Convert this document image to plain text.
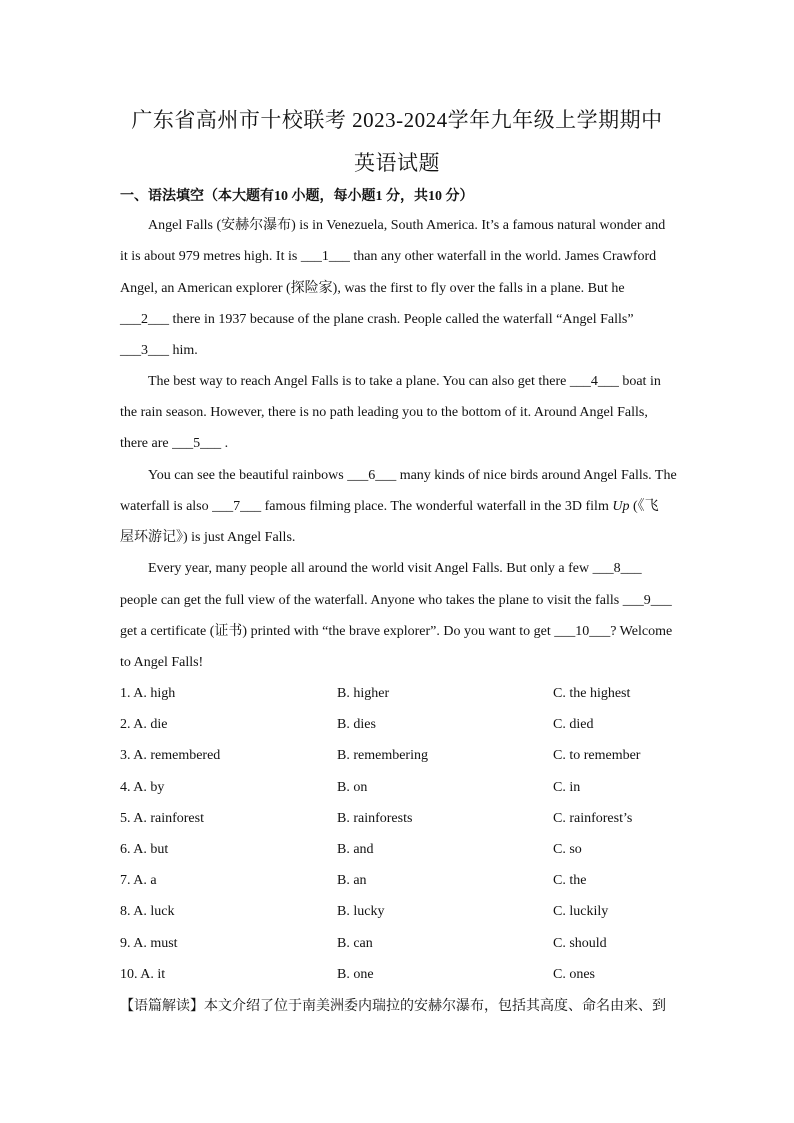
广东省高州市十校联考 2023-2024学年九年级上学期期中
英语试题
一、语法填空（本大题有10 小题，每小题1 分，共10 分）
Angel Falls (安赫尔瀑布) is in Venezuela, South America. It’s a famous natural wonder and
it is about 979 metres high. It is ___1___ than any other waterfall in the world. James Crawford
Angel, an American explorer (探险家), was the first to fly over the falls in a plane. But he
___2___ there in 1937 because of the plane crash. People called the waterfall “Angel Falls”
___3___ him.
The best way to reach Angel Falls is to take a plane. You can also get there ___4___ boat in
the rain season. However, there is no path leading you to the bottom of it. Around Angel Falls,
there are ___5___ .
You can see the beautiful rainbows ___6___ many kinds of nice birds around Angel Falls. The
waterfall is also ___7___ famous filming place. The wonderful waterfall in the 3D film Up (《飞
屋环游记》) is just Angel Falls.
Every year, many people all around the world visit Angel Falls. But only a few ___8___
people can get the full view of the waterfall. Anyone who takes the plane to visit the falls ___9___
get a certificate (证书) printed with “the brave explorer”. Do you want to get ___10___? Welcome
to Angel Falls!
1. A. high	B. higher	C. the highest
2. A. die	B. dies	C. died
3. A. remembered	B. remembering	C. to remember
4. A. by	B. on	C. in
5. A. rainforest	B. rainforests	C. rainforest’s
6. A. but	B. and	C. so
7. A. a	B. an	C. the
8. A. luck	B. lucky	C. luckily
9. A. must	B. can	C. should
10. A. it	B. one	C. ones
【语篇解读】本文介绍了位于南美洲委内瑞拉的安赫尔瀑布，包括其高度、命名由来、到
